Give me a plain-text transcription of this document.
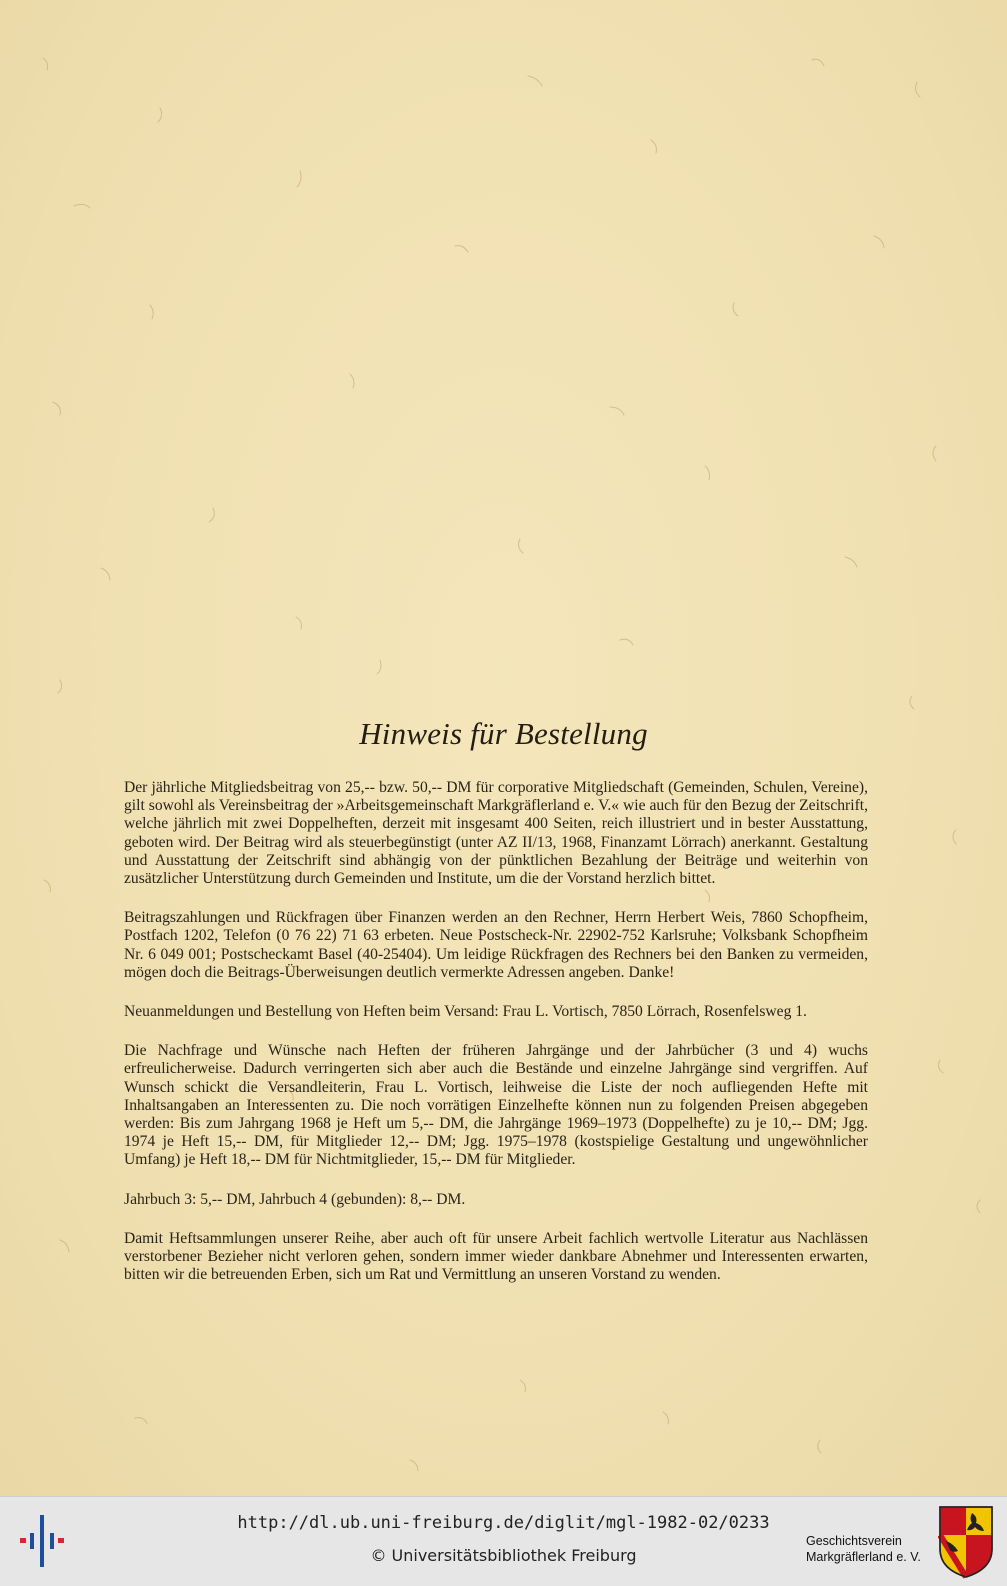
Hinweis für Bestellung

Der jährliche Mitgliedsbeitrag von 25,-- bzw. 50,-- DM für corporative Mitgliedschaft (Gemeinden, Schulen, Vereine), gilt sowohl als Vereinsbeitrag der »Arbeitsgemeinschaft Markgräflerland e. V.« wie auch für den Bezug der Zeitschrift, welche jährlich mit zwei Doppelheften, derzeit mit insgesamt 400 Seiten, reich illustriert und in bester Ausstattung, geboten wird. Der Beitrag wird als steuerbegünstigt (unter AZ II/13, 1968, Finanzamt Lörrach) anerkannt. Gestaltung und Ausstattung der Zeitschrift sind abhängig von der pünktlichen Bezahlung der Beiträge und weiterhin von zusätzlicher Unterstützung durch Gemeinden und Institute, um die der Vorstand herzlich bittet.

Beitragszahlungen und Rückfragen über Finanzen werden an den Rechner, Herrn Herbert Weis, 7860 Schopfheim, Postfach 1202, Telefon (0 76 22) 71 63 erbeten. Neue Postscheck-Nr. 22902-752 Karlsruhe; Volksbank Schopfheim Nr. 6 049 001; Postscheckamt Basel (40-25404). Um leidige Rückfragen des Rechners bei den Banken zu vermeiden, mögen doch die Beitrags-Überweisungen deutlich vermerkte Adressen angeben. Danke!

Neuanmeldungen und Bestellung von Heften beim Versand: Frau L. Vortisch, 7850 Lörrach, Rosenfelsweg 1.

Die Nachfrage und Wünsche nach Heften der früheren Jahrgänge und der Jahrbücher (3 und 4) wuchs erfreulicherweise. Dadurch verringerten sich aber auch die Bestände und einzelne Jahrgänge sind vergriffen. Auf Wunsch schickt die Versandleiterin, Frau L. Vortisch, leihweise die Liste der noch aufliegenden Hefte mit Inhaltsangaben an Interessenten zu. Die noch vorrätigen Einzelhefte können nun zu folgenden Preisen abgegeben werden: Bis zum Jahrgang 1968 je Heft um 5,-- DM, die Jahrgänge 1969–1973 (Doppelhefte) zu je 10,-- DM; Jgg. 1974 je Heft 15,-- DM, für Mitglieder 12,-- DM; Jgg. 1975–1978 (kostspielige Gestaltung und ungewöhnlicher Umfang) je Heft 18,-- DM für Nichtmitglieder, 15,-- DM für Mitglieder.

Jahrbuch 3: 5,-- DM, Jahrbuch 4 (gebunden): 8,-- DM.

Damit Heftsammlungen unserer Reihe, aber auch oft für unsere Arbeit fachlich wertvolle Literatur aus Nachlässen verstorbener Bezieher nicht verloren gehen, sondern immer wieder dankbare Abnehmer und Interessenten erwarten, bitten wir die betreuenden Erben, sich um Rat und Vermittlung an unseren Vorstand zu wenden.

http://dl.ub.uni-freiburg.de/diglit/mgl-1982-02/0233
© Universitätsbibliothek Freiburg
Geschichtsverein
Markgräflerland e. V.
